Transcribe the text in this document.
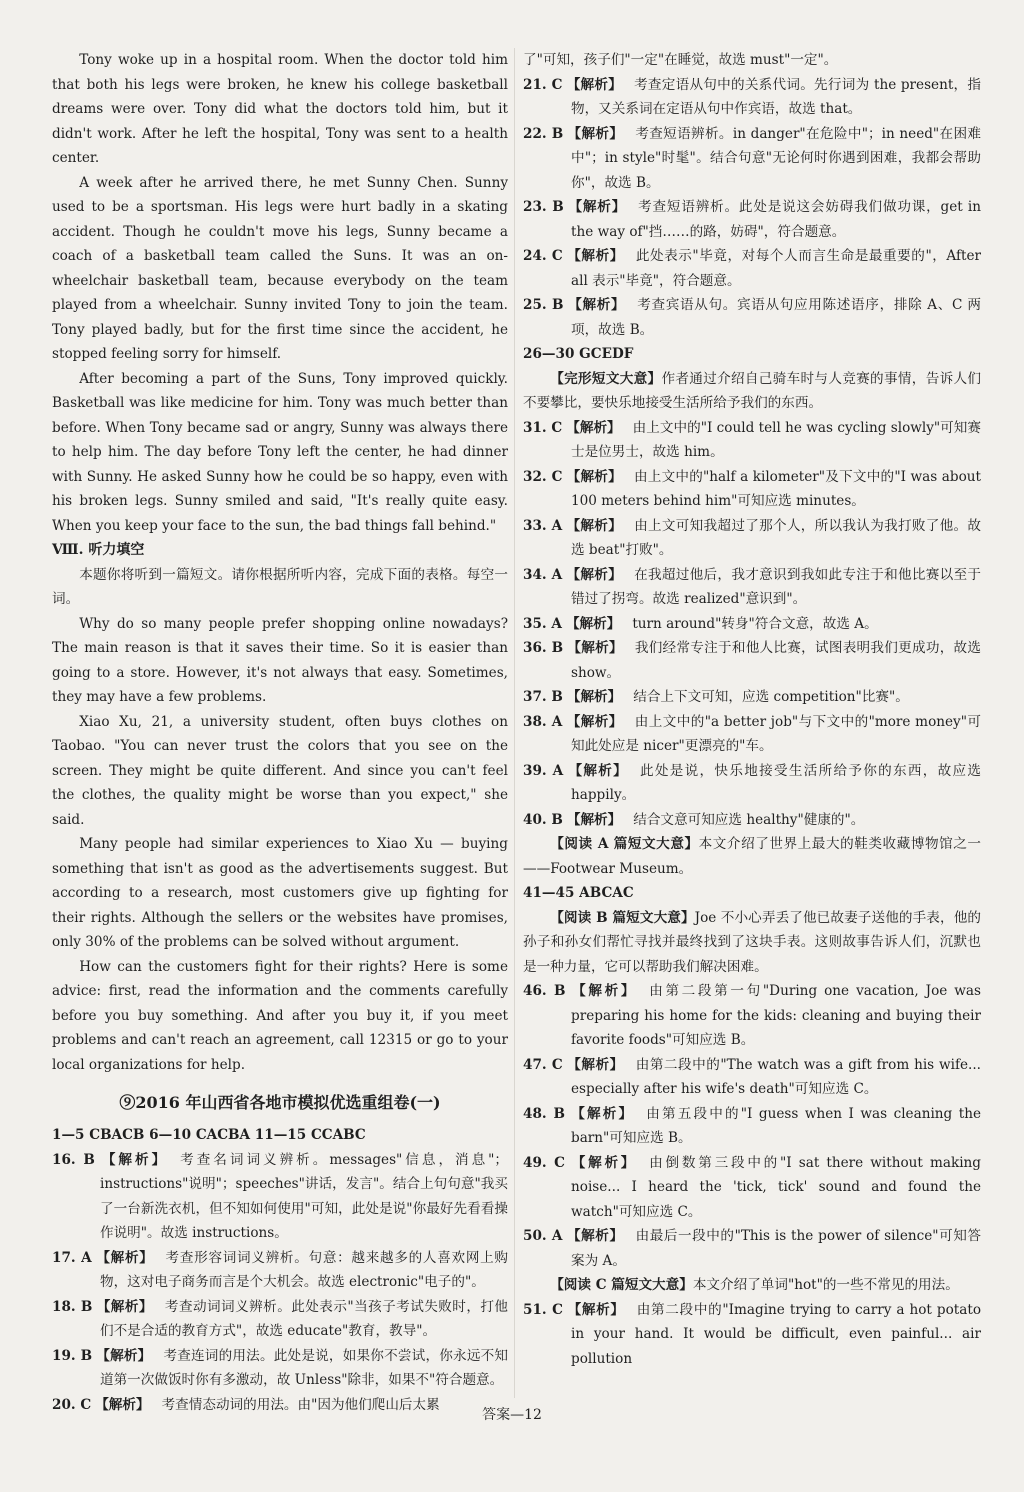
Tony woke up in a hospital room. When the doctor told him that both his legs were broken, he knew his college basketball dreams were over. Tony did what the doctors told him, but it didn't work. After he left the hospital, Tony was sent to a health center.

A week after he arrived there, he met Sunny Chen. Sunny used to be a sportsman. His legs were hurt badly in a skating accident. Though he couldn't move his legs, Sunny became a coach of a basketball team called the Suns. It was an on-wheelchair basketball team, because everybody on the team played from a wheelchair. Sunny invited Tony to join the team. Tony played badly, but for the first time since the accident, he stopped feeling sorry for himself.

After becoming a part of the Suns, Tony improved quickly. Basketball was like medicine for him. Tony was much better than before. When Tony became sad or angry, Sunny was always there to help him. The day before Tony left the center, he had dinner with Sunny. He asked Sunny how he could be so happy, even with his broken legs. Sunny smiled and said, "It's really quite easy. When you keep your face to the sun, the bad things fall behind."

Ⅷ. 听力填空

本题你将听到一篇短文。请你根据所听内容，完成下面的表格。每空一词。

Why do so many people prefer shopping online nowadays? The main reason is that it saves their time. So it is easier than going to a store. However, it's not always that easy. Sometimes, they may have a few problems.

Xiao Xu, 21, a university student, often buys clothes on Taobao. "You can never trust the colors that you see on the screen. They might be quite different. And since you can't feel the clothes, the quality might be worse than you expect," she said.

Many people had similar experiences to Xiao Xu — buying something that isn't as good as the advertisements suggest. But according to a research, most customers give up fighting for their rights. Although the sellers or the websites have promises, only 30% of the problems can be solved without argument.

How can the customers fight for their rights? Here is some advice: first, read the information and the comments carefully before you buy something. And after you buy it, if you meet problems and can't reach an agreement, call 12315 or go to your local organizations for help.

⑨2016 年山西省各地市模拟优选重组卷(一)

1—5 CBACB 6—10 CACBA 11—15 CCABC

16. B 【解析】 考查名词词义辨析。messages"信息，消息"；instructions"说明"；speeches"讲话，发言"。结合上句句意"我买了一台新洗衣机，但不知如何使用"可知，此处是说"你最好先看看操作说明"。故选 instructions。

17. A 【解析】 考查形容词词义辨析。句意：越来越多的人喜欢网上购物，这对电子商务而言是个大机会。故选 electronic"电子的"。

18. B 【解析】 考查动词词义辨析。此处表示"当孩子考试失败时，打他们不是合适的教育方式"，故选 educate"教育，教导"。

19. B 【解析】 考查连词的用法。此处是说，如果你不尝试，你永远不知道第一次做饭时你有多激动，故 Unless"除非，如果不"符合题意。

20. C 【解析】 考查情态动词的用法。由"因为他们爬山后太累

了"可知，孩子们"一定"在睡觉，故选 must"一定"。

21. C 【解析】 考查定语从句中的关系代词。先行词为 the present，指物，又关系词在定语从句中作宾语，故选 that。

22. B 【解析】 考查短语辨析。in danger"在危险中"；in need"在困难中"；in style"时髦"。结合句意"无论何时你遇到困难，我都会帮助你"，故选 B。

23. B 【解析】 考查短语辨析。此处是说这会妨碍我们做功课，get in the way of"挡……的路，妨碍"，符合题意。

24. C 【解析】 此处表示"毕竟，对每个人而言生命是最重要的"，After all 表示"毕竟"，符合题意。

25. B 【解析】 考查宾语从句。宾语从句应用陈述语序，排除 A、C 两项，故选 B。

26—30 GCEDF

【完形短文大意】作者通过介绍自己骑车时与人竞赛的事情，告诉人们不要攀比，要快乐地接受生活所给予我们的东西。

31. C 【解析】 由上文中的"I could tell he was cycling slowly"可知赛士是位男士，故选 him。

32. C 【解析】 由上文中的"half a kilometer"及下文中的"I was about 100 meters behind him"可知应选 minutes。

33. A 【解析】 由上文可知我超过了那个人，所以我认为我打败了他。故选 beat"打败"。

34. A 【解析】 在我超过他后，我才意识到我如此专注于和他比赛以至于错过了拐弯。故选 realized"意识到"。

35. A 【解析】 turn around"转身"符合文意，故选 A。

36. B 【解析】 我们经常专注于和他人比赛，试图表明我们更成功，故选 show。

37. B 【解析】 结合上下文可知，应选 competition"比赛"。

38. A 【解析】 由上文中的"a better job"与下文中的"more money"可知此处应是 nicer"更漂亮的"车。

39. A 【解析】 此处是说，快乐地接受生活所给予你的东西，故应选 happily。

40. B 【解析】 结合文意可知应选 healthy"健康的"。

【阅读 A 篇短文大意】本文介绍了世界上最大的鞋类收藏博物馆之一——Footwear Museum。

41—45 ABCAC

【阅读 B 篇短文大意】Joe 不小心弄丢了他已故妻子送他的手表，他的孙子和孙女们帮忙寻找并最终找到了这块手表。这则故事告诉人们，沉默也是一种力量，它可以帮助我们解决困难。

46. B 【解析】 由第二段第一句"During one vacation, Joe was preparing his home for the kids: cleaning and buying their favorite foods"可知应选 B。

47. C 【解析】 由第二段中的"The watch was a gift from his wife... especially after his wife's death"可知应选 C。

48. B 【解析】 由第五段中的"I guess when I was cleaning the barn"可知应选 B。

49. C 【解析】 由倒数第三段中的"I sat there without making noise... I heard the 'tick, tick' sound and found the watch"可知应选 C。

50. A 【解析】 由最后一段中的"This is the power of silence"可知答案为 A。

【阅读 C 篇短文大意】本文介绍了单词"hot"的一些不常见的用法。

51. C 【解析】 由第二段中的"Imagine trying to carry a hot potato in your hand. It would be difficult, even painful... air pollution

答案—12
